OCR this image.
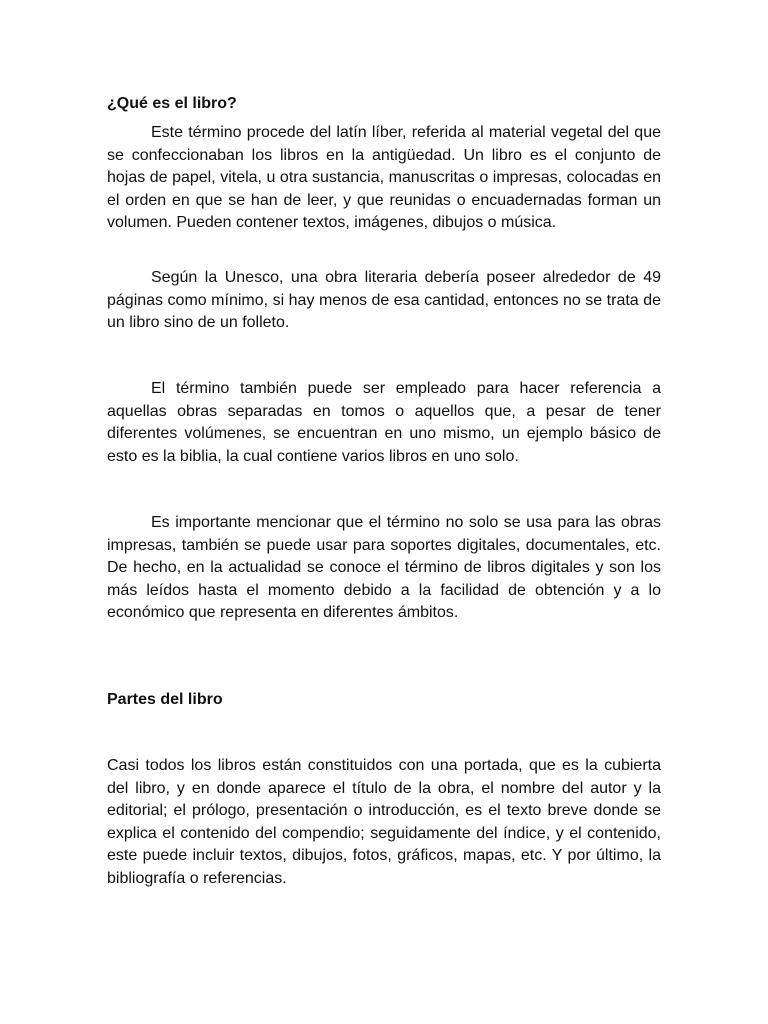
¿Qué es el libro?

Este término procede del latín líber, referida al material vegetal del que se confeccionaban los libros en la antigüedad. Un libro es el conjunto de hojas de papel, vitela, u otra sustancia, manuscritas o impresas, colocadas en el orden en que se han de leer, y que reunidas o encuadernadas forman un volumen. Pueden contener textos, imágenes, dibujos o música.

Según la Unesco, una obra literaria debería poseer alrededor de 49 páginas como mínimo, si hay menos de esa cantidad, entonces no se trata de un libro sino de un folleto.

El término también puede ser empleado para hacer referencia a aquellas obras separadas en tomos o aquellos que, a pesar de tener diferentes volúmenes, se encuentran en uno mismo, un ejemplo básico de esto es la biblia, la cual contiene varios libros en uno solo.

Es importante mencionar que el término no solo se usa para las obras impresas, también se puede usar para soportes digitales, documentales, etc. De hecho, en la actualidad se conoce el término de libros digitales y son los más leídos hasta el momento debido a la facilidad de obtención y a lo económico que representa en diferentes ámbitos.

Partes del libro

Casi todos los libros están constituidos con una portada, que es la cubierta del libro, y en donde aparece el título de la obra, el nombre del autor y la editorial; el prólogo, presentación o introducción, es el texto breve donde se explica el contenido del compendio; seguidamente del índice, y el contenido, este puede incluir textos, dibujos, fotos, gráficos, mapas, etc. Y por último, la bibliografía o referencias.
